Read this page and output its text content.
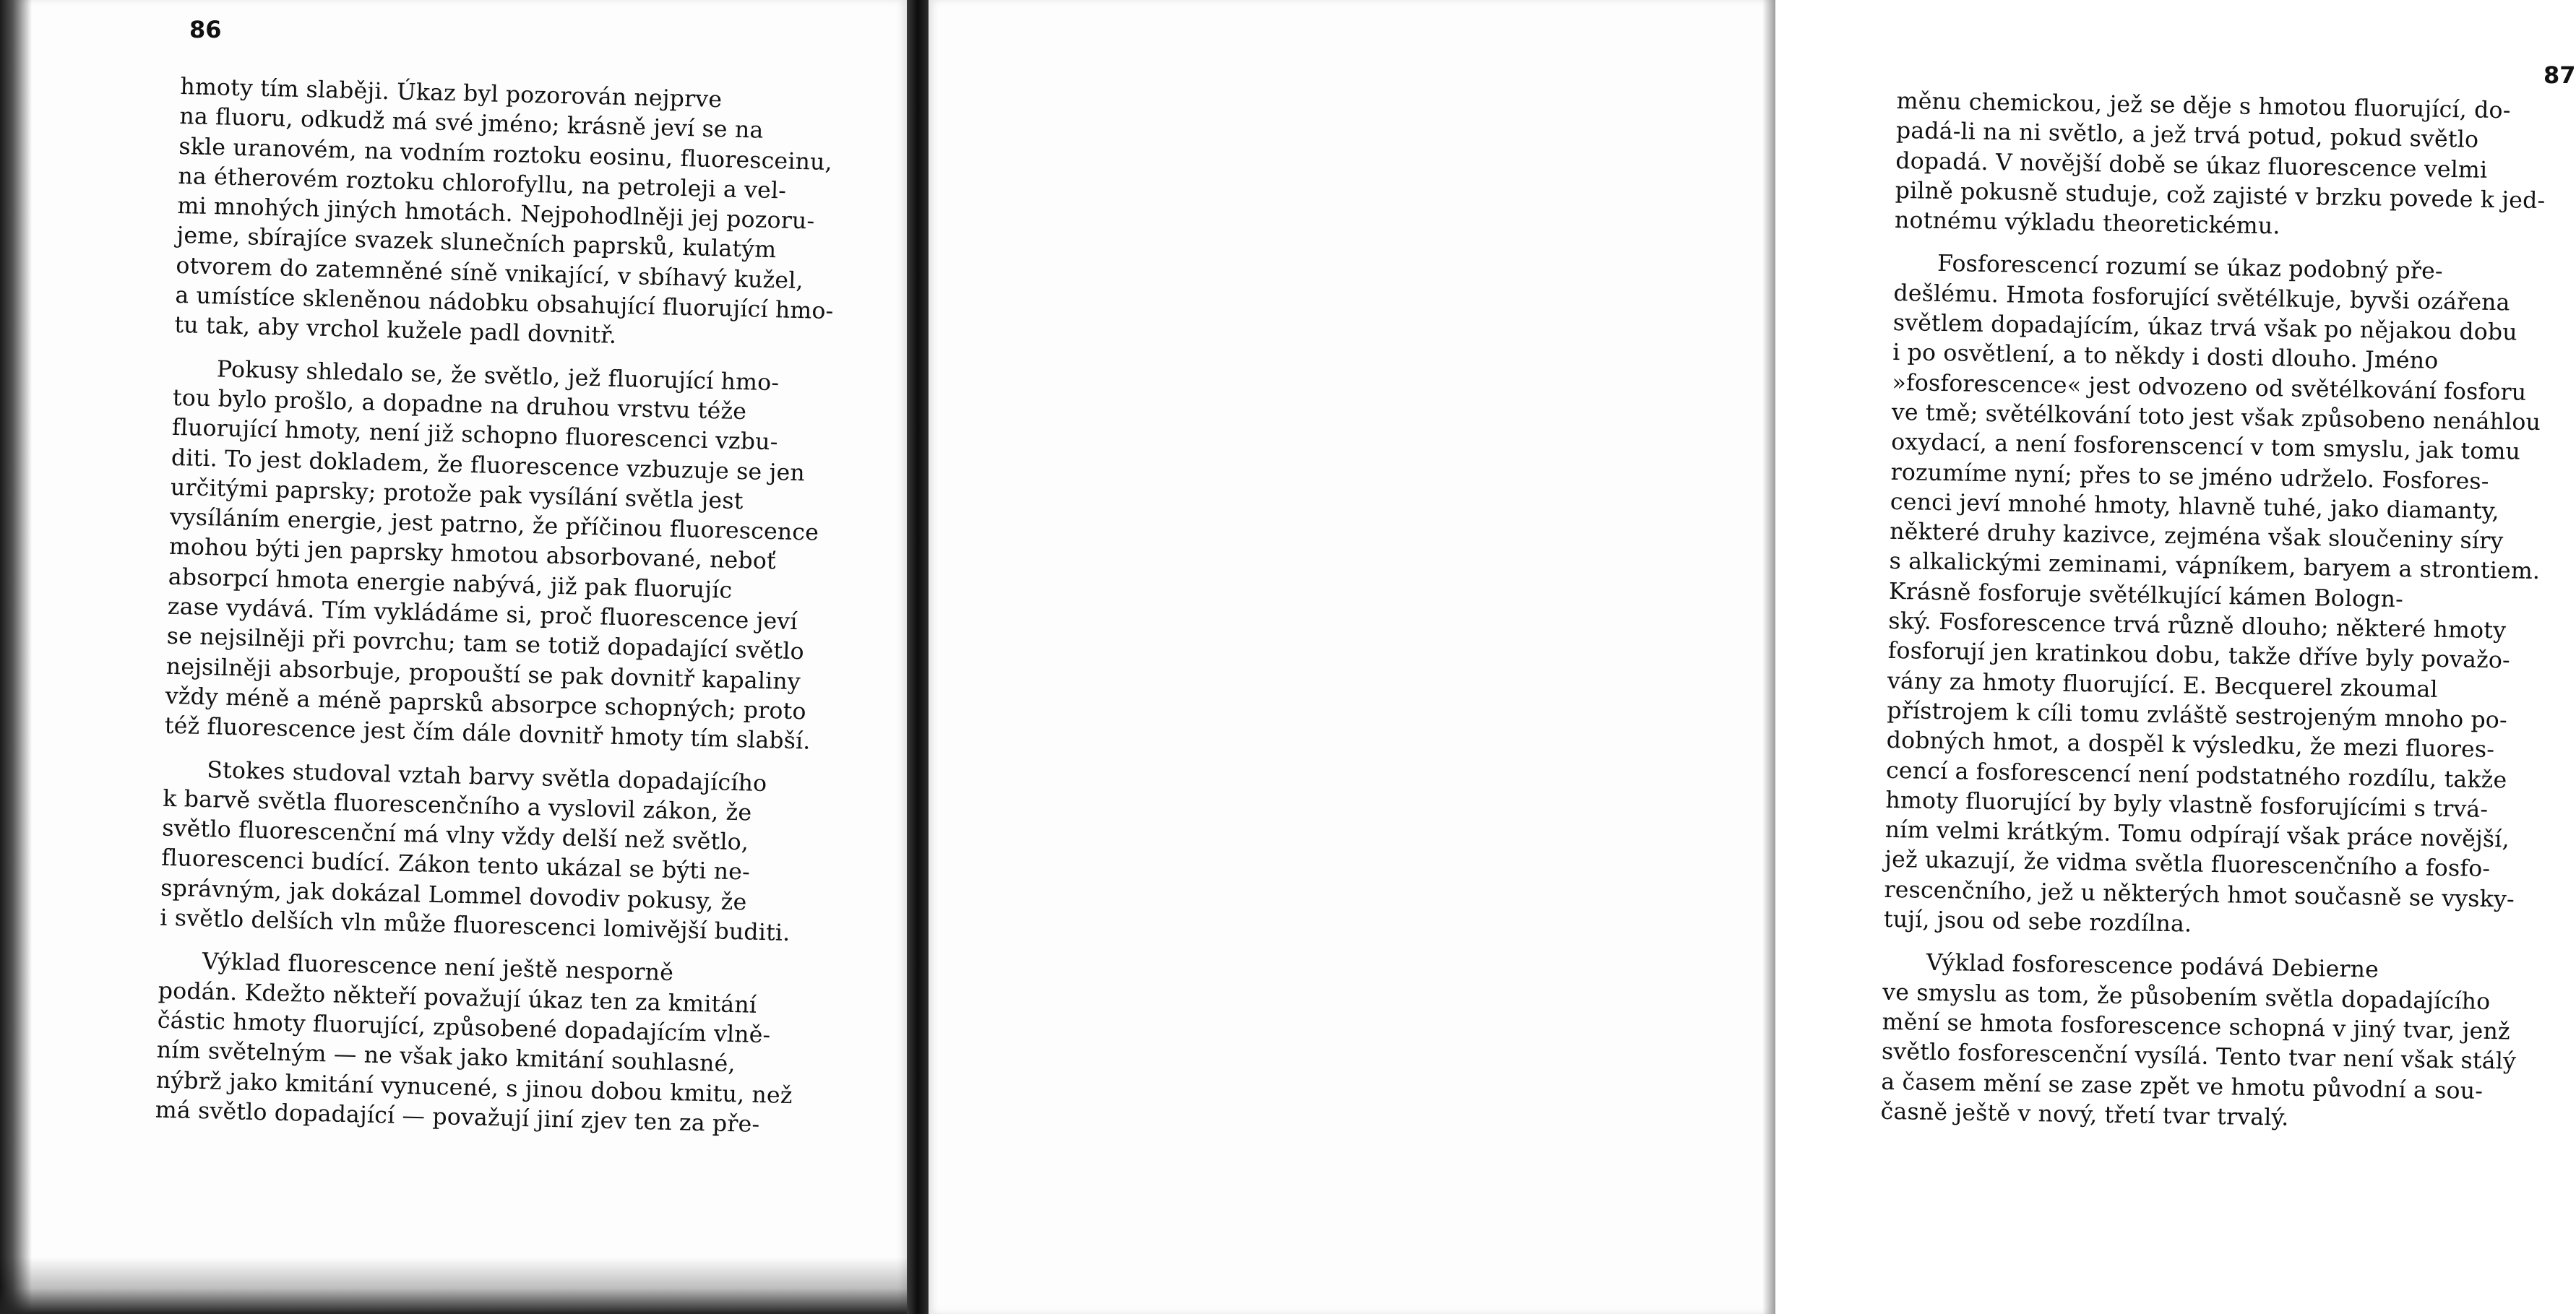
86

hmoty tím slaběji. Úkaz byl pozorován nejprve
na fluoru, odkudž má své jméno; krásně jeví se na
skle uranovém, na vodním roztoku eosinu, fluoresceinu,
na étherovém roztoku chlorofyllu, na petroleji a vel-
mi mnohých jiných hmotách. Nejpohodlněji jej pozoru-
jeme, sbírajíce svazek slunečních paprsků, kulatým
otvorem do zatemněné síně vnikající, v sbíhavý kužel,
a umístíce skleněnou nádobku obsahující fluorující hmo-
tu tak, aby vrchol kužele padl dovnitř.

Pokusy shledalo se, že světlo, jež fluorující hmo-
tou bylo prošlo, a dopadne na druhou vrstvu téže
fluorující hmoty, není již schopno fluorescenci vzbu-
diti. To jest dokladem, že fluorescence vzbuzuje se jen
určitými paprsky; protože pak vysílání světla jest
vysíláním energie, jest patrno, že příčinou fluorescence
mohou býti jen paprsky hmotou absorbované, neboť
absorpcí hmota energie nabývá, již pak fluorujíc
zase vydává. Tím vykládáme si, proč fluorescence jeví
se nejsilněji při povrchu; tam se totiž dopadající světlo
nejsilněji absorbuje, propouští se pak dovnitř kapaliny
vždy méně a méně paprsků absorpce schopných; proto
též fluorescence jest čím dále dovnitř hmoty tím slabší.

Stokes studoval vztah barvy světla dopadajícího
k barvě světla fluorescenčního a vyslovil zákon, že
světlo fluorescenční má vlny vždy delší než světlo,
fluorescenci budící. Zákon tento ukázal se býti ne-
správným, jak dokázal Lommel dovodiv pokusy, že
i světlo delších vln může fluorescenci lomivější buditi.

Výklad fluorescence není ještě nesporně
podán. Kdežto někteří považují úkaz ten za kmitání
částic hmoty fluorující, způsobené dopadajícím vlně-
ním světelným — ne však jako kmitání souhlasné,
nýbrž jako kmitání vynucené, s jinou dobou kmitu, než
má světlo dopadající — považují jiní zjev ten za pře-

87

měnu chemickou, jež se děje s hmotou fluorující, do-
padá-li na ni světlo, a jež trvá potud, pokud světlo
dopadá. V novější době se úkaz fluorescence velmi
pilně pokusně studuje, což zajisté v brzku povede k jed-
notnému výkladu theoretickému.

Fosforescencí rozumí se úkaz podobný pře-
dešlému. Hmota fosforující světélkuje, byvši ozářena
světlem dopadajícím, úkaz trvá však po nějakou dobu
i po osvětlení, a to někdy i dosti dlouho. Jméno
»fosforescence« jest odvozeno od světélkování fosforu
ve tmě; světélkování toto jest však způsobeno nenáhlou
oxydací, a není fosforenscencí v tom smyslu, jak tomu
rozumíme nyní; přes to se jméno udrželo. Fosfores-
cenci jeví mnohé hmoty, hlavně tuhé, jako diamanty,
některé druhy kazivce, zejména však sloučeniny síry
s alkalickými zeminami, vápníkem, baryem a strontiem.
Krásně fosforuje světélkující kámen Bologn-
ský. Fosforescence trvá různě dlouho; některé hmoty
fosforují jen kratinkou dobu, takže dříve byly považo-
vány za hmoty fluorující. E. Becquerel zkoumal
přístrojem k cíli tomu zvláště sestrojeným mnoho po-
dobných hmot, a dospěl k výsledku, že mezi fluores-
cencí a fosforescencí není podstatného rozdílu, takže
hmoty fluorující by byly vlastně fosforujícími s trvá-
ním velmi krátkým. Tomu odpírají však práce novější,
jež ukazují, že vidma světla fluorescenčního a fosfo-
rescenčního, jež u některých hmot současně se vysky-
tují, jsou od sebe rozdílna.

Výklad fosforescence podává Debierne
ve smyslu as tom, že působením světla dopadajícího
mění se hmota fosforescence schopná v jiný tvar, jenž
světlo fosforescenční vysílá. Tento tvar není však stálý
a časem mění se zase zpět ve hmotu původní a sou-
časně ještě v nový, třetí tvar trvalý.
